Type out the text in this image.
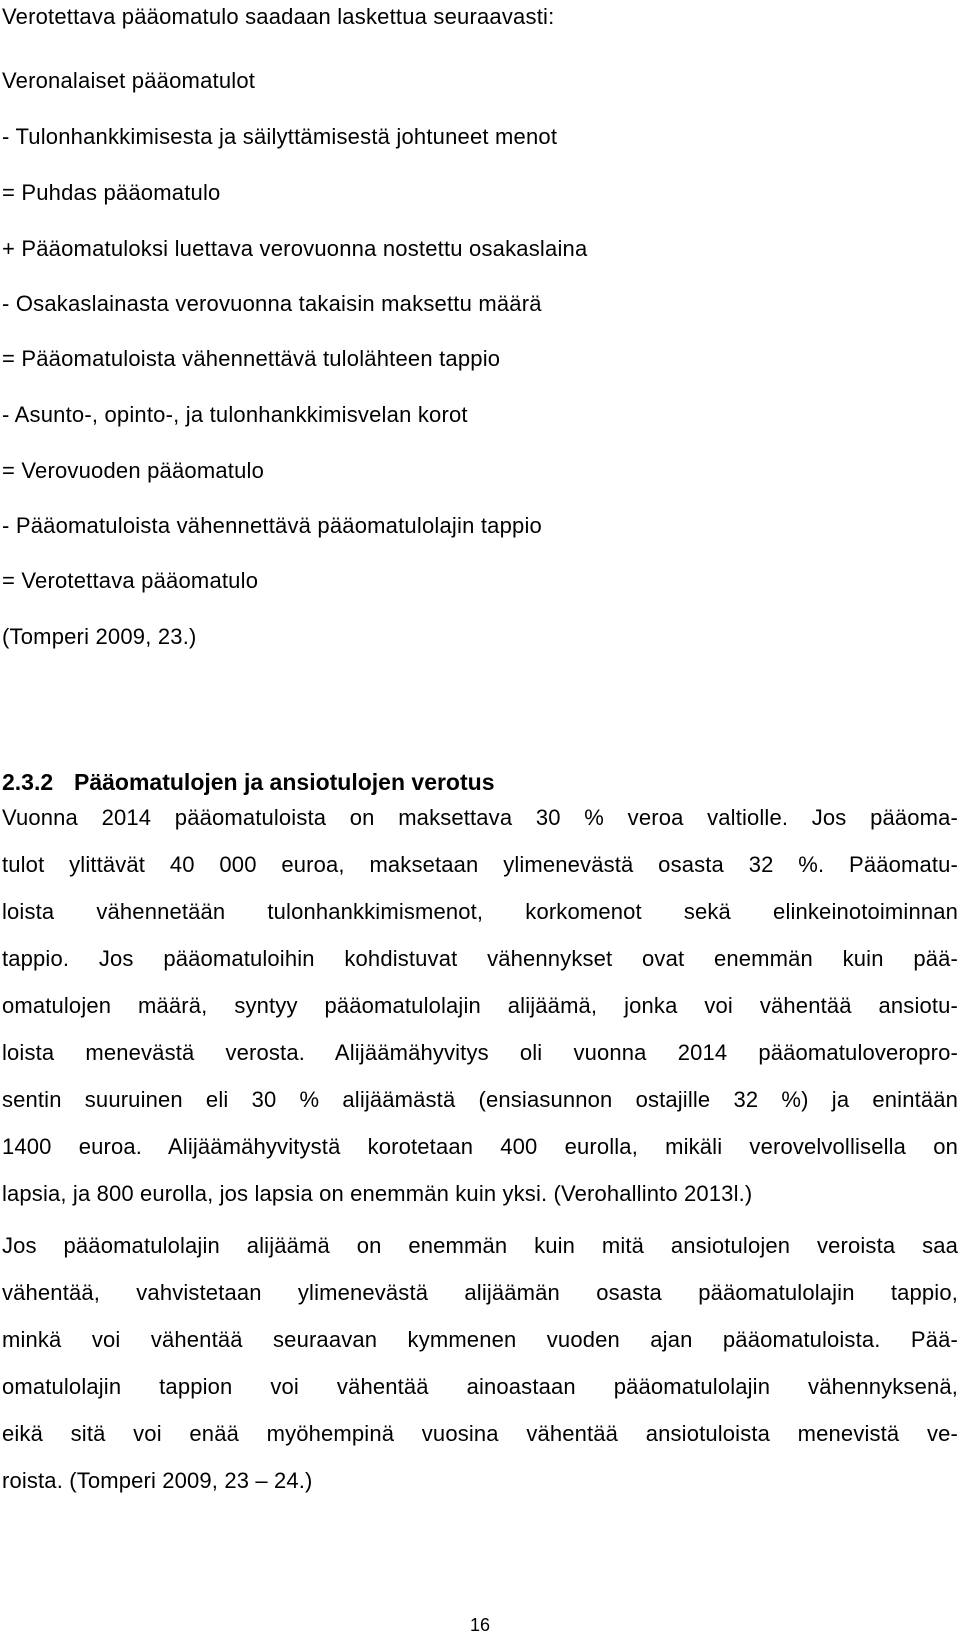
Verotettava pääomatulo saadaan laskettua seuraavasti:
Veronalaiset pääomatulot
- Tulonhankkimisesta ja säilyttämisestä johtuneet menot
= Puhdas pääomatulo
+ Pääomatuloksi luettava verovuonna nostettu osakaslaina
- Osakaslainasta verovuonna takaisin maksettu määrä
= Pääomatuloista vähennettävä tulolähteen tappio
- Asunto-, opinto-, ja tulonhankkimisvelan korot
= Verovuoden pääomatulo
- Pääomatuloista vähennettävä pääomatulolajin tappio
= Verotettava pääomatulo
(Tomperi 2009, 23.)
2.3.2 Pääomatulojen ja ansiotulojen verotus
Vuonna 2014 pääomatuloista on maksettava 30 % veroa valtiolle. Jos pääoma-
tulot ylittävät 40 000 euroa, maksetaan ylimenevästä osasta 32 %. Pääomatu-
loista vähennetään tulonhankkimismenot, korkomenot sekä elinkeinotoiminnan
tappio. Jos pääomatuloihin kohdistuvat vähennykset ovat enemmän kuin pää-
omatulojen määrä, syntyy pääomatulolajin alijäämä, jonka voi vähentää ansiotu-
loista menevästä verosta. Alijäämähyvitys oli vuonna 2014 pääomatuloveropro-
sentin suuruinen eli 30 % alijäämästä (ensiasunnon ostajille 32 %) ja enintään
1400 euroa. Alijäämähyvitystä korotetaan 400 eurolla, mikäli verovelvollisella on
lapsia, ja 800 eurolla, jos lapsia on enemmän kuin yksi. (Verohallinto 2013l.)
Jos pääomatulolajin alijäämä on enemmän kuin mitä ansiotulojen veroista saa
vähentää, vahvistetaan ylimenevästä alijäämän osasta pääomatulolajin tappio,
minkä voi vähentää seuraavan kymmenen vuoden ajan pääomatuloista. Pää-
omatulolajin tappion voi vähentää ainoastaan pääomatulolajin vähennyksenä,
eikä sitä voi enää myöhempinä vuosina vähentää ansiotuloista menevistä ve-
roista. (Tomperi 2009, 23 – 24.)
16
